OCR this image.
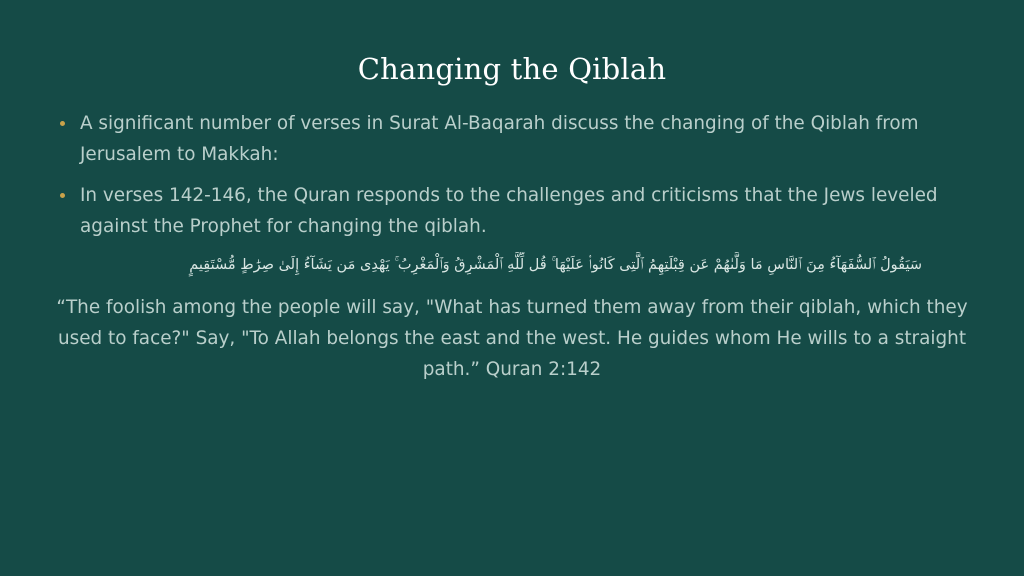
Changing the Qiblah
A significant number of verses in Surat Al-Baqarah discuss the changing of the Qiblah from Jerusalem to Makkah:
In verses 142-146, the Quran responds to the challenges and criticisms that the Jews leveled against the Prophet for changing the qiblah.
سَيَقُولُ ٱلسُّفَهَآءُ مِنَ ٱلنَّاسِ مَا وَلَّىٰهُمْ عَن قِبْلَتِهِمُ ٱلَّتِى كَانُوا۟ عَلَيْهَا ۚ قُل لِّلَّهِ ٱلْمَشْرِقُ وَٱلْمَغْرِبُ ۚ يَهْدِى مَن يَشَآءُ إِلَىٰ صِرَٰطٍ مُّسْتَقِيمٍ
“The foolish among the people will say, "What has turned them away from their qiblah, which they used to face?" Say, "To Allah belongs the east and the west. He guides whom He wills to a straight path.” Quran 2:142
